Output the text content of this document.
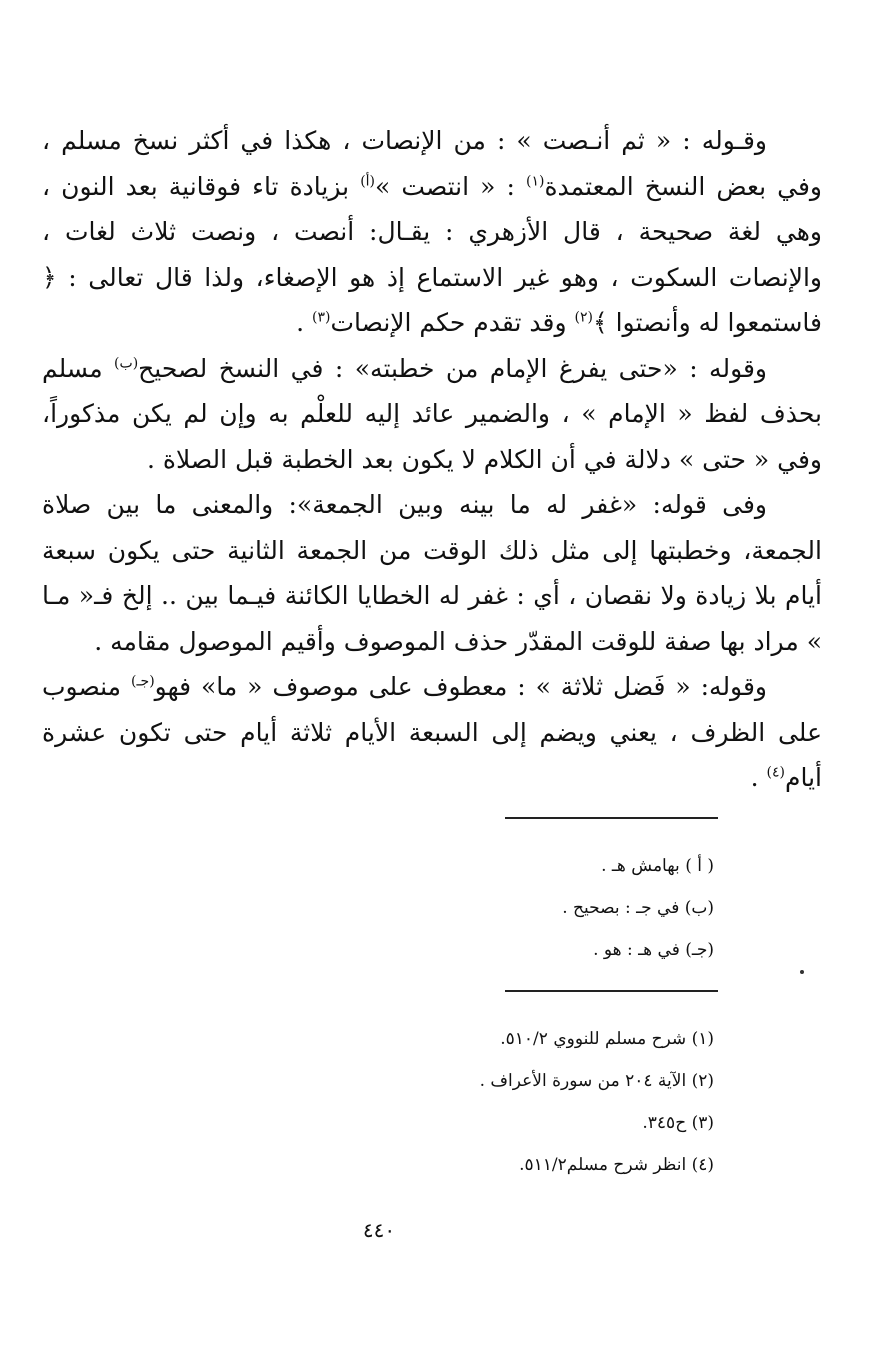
وقـوله : « ثم أنـصت » : من الإنصات ، هكذا في أكثر نسخ مسلم ، وفي بعض النسخ المعتمدة$^{(١)}$ : « انتصت »$^{(أ)}$ بزيادة تاء فوقانية بعد النون ، وهي لغة صحيحة ، قال الأزهري : يقـال: أنصت ، ونصت ثلاث لغات ، والإنصات السكوت ، وهو غير الاستماع إذ هو الإصغاء، ولذا قال تعالى : ﴿ فاستمعوا له وأنصتوا ﴾$^{(٢)}$ وقد تقدم حكم الإنصات$^{(٣)}$ .

وقوله : «حتى يفرغ الإمام من خطبته» : في النسخ لصحيح$^{(ب)}$ مسلم بحذف لفظ « الإمام » ، والضمير عائد إليه للعلْم به وإن لم يكن مذكوراً، وفي « حتى » دلالة في أن الكلام لا يكون بعد الخطبة قبل الصلاة .

وفى قوله: «غفر له ما بينه وبين الجمعة»: والمعنى ما بين صلاة الجمعة، وخطبتها إلى مثل ذلك الوقت من الجمعة الثانية حتى يكون سبعة أيام بلا زيادة ولا نقصان ، أي : غفر له الخطايا الكائنة فيـما بين .. إلخ فـ« مـا » مراد بها صفة للوقت المقدّر حذف الموصوف وأقيم الموصول مقامه .

وقوله: « فَضل ثلاثة » : معطوف على موصوف « ما» فهو$^{(جـ)}$ منصوب على الظرف ، يعني ويضم إلى السبعة الأيام ثلاثة أيام حتى تكون عشرة أيام$^{(٤)}$ .

( أ ) بهامش هـ .
(ب) في جـ : بصحيح .
(جـ) في هـ : هو .
(١) شرح مسلم للنووي ٥١٠/٢.
(٢) الآية ٢٠٤ من سورة الأعراف .
(٣) ح٣٤٥.
(٤) انظر شرح مسلم٥١١/٢.
٤٤٠
